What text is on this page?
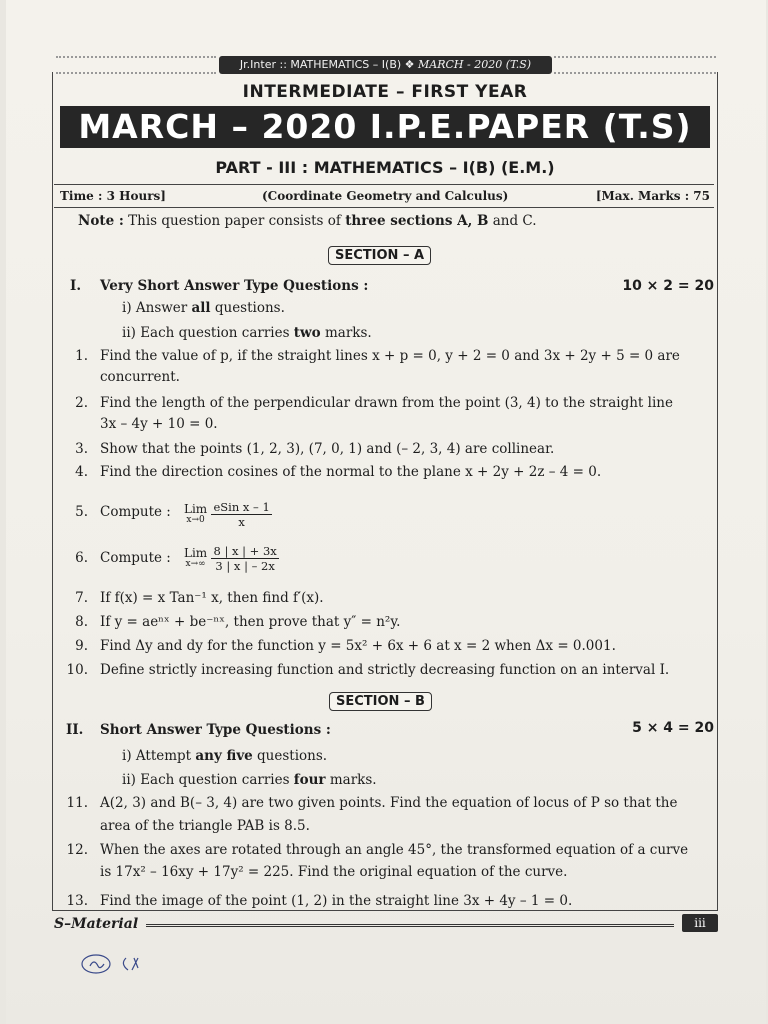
Jr.Inter :: MATHEMATICS – I(B) ❖ MARCH - 2020 (T.S)
INTERMEDIATE – FIRST YEAR
MARCH – 2020 I.P.E.PAPER (T.S)
PART - III : MATHEMATICS – I(B) (E.M.)
Time : 3 Hours]	(Coordinate Geometry and Calculus)	[Max. Marks : 75
Note : This question paper consists of three sections A, B and C.
SECTION – A
I. Very Short Answer Type Questions :	10 × 2 = 20
i) Answer all questions.
ii) Each question carries two marks.
1. Find the value of p, if the straight lines x + p = 0, y + 2 = 0 and 3x + 2y + 5 = 0 are
concurrent.
2. Find the length of the perpendicular drawn from the point (3, 4) to the straight line
3x – 4y + 10 = 0.
3. Show that the points (1, 2, 3), (7, 0, 1) and (– 2, 3, 4) are collinear.
4. Find the direction cosines of the normal to the plane x + 2y + 2z – 4 = 0.
5. Compute : Lim
x→0
$\frac{\text{eSin x – 1}}{x}$
6. Compute : Lim
x→∞
$\frac{8 | x | + 3x}{3 | x | - 2x}$
7. If f(x) = x Tan⁻¹ x, then find f′(x).
8. If y = aeⁿˣ + be⁻ⁿˣ, then prove that y″ = n²y.
9. Find Δy and dy for the function y = 5x² + 6x + 6 at x = 2 when Δx = 0.001.
10. Define strictly increasing function and strictly decreasing function on an interval I.
SECTION – B
II. Short Answer Type Questions :	5 × 4 = 20
i) Attempt any five questions.
ii) Each question carries four marks.
11. A(2, 3) and B(– 3, 4) are two given points. Find the equation of locus of P so that the
area of the triangle PAB is 8.5.
12. When the axes are rotated through an angle 45°, the transformed equation of a curve
is 17x² – 16xy + 17y² = 225. Find the original equation of the curve.
13. Find the image of the point (1, 2) in the straight line 3x + 4y – 1 = 0.
S–Material	iii
